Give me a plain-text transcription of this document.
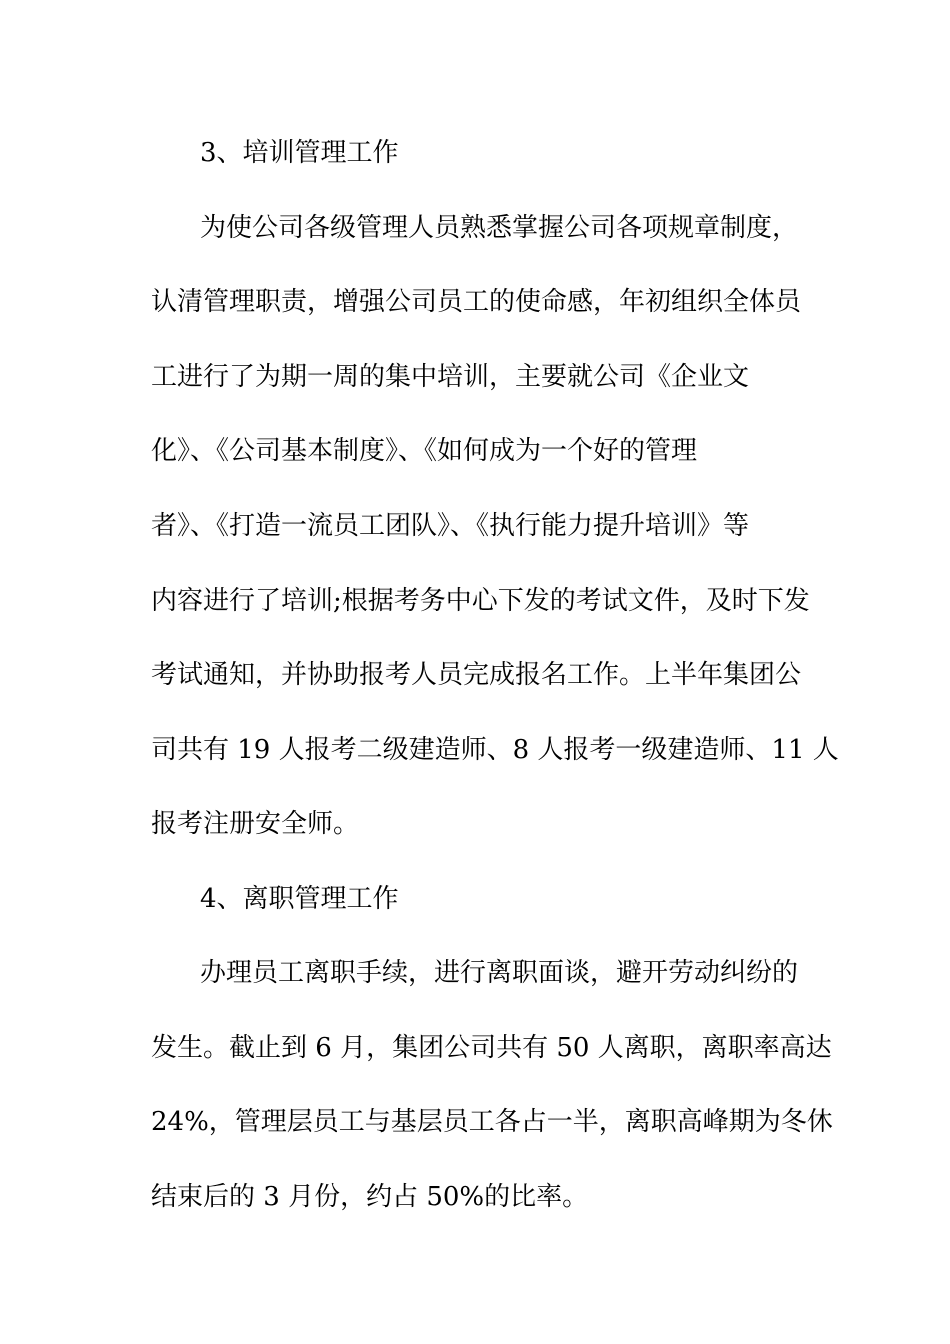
3、培训管理工作
为使公司各级管理人员熟悉掌握公司各项规章制度，
认清管理职责，增强公司员工的使命感，年初组织全体员
工进行了为期一周的集中培训，主要就公司《企业文
化》、《公司基本制度》、《如何成为一个好的管理
者》、《打造一流员工团队》、《执行能力提升培训》等
内容进行了培训;根据考务中心下发的考试文件，及时下发
考试通知，并协助报考人员完成报名工作。上半年集团公
司共有 19 人报考二级建造师、8 人报考一级建造师、11 人
报考注册安全师。
4、离职管理工作
办理员工离职手续，进行离职面谈，避开劳动纠纷的
发生。截止到 6 月，集团公司共有 50 人离职，离职率高达
24%，管理层员工与基层员工各占一半，离职高峰期为冬休
结束后的 3 月份，约占 50%的比率。
